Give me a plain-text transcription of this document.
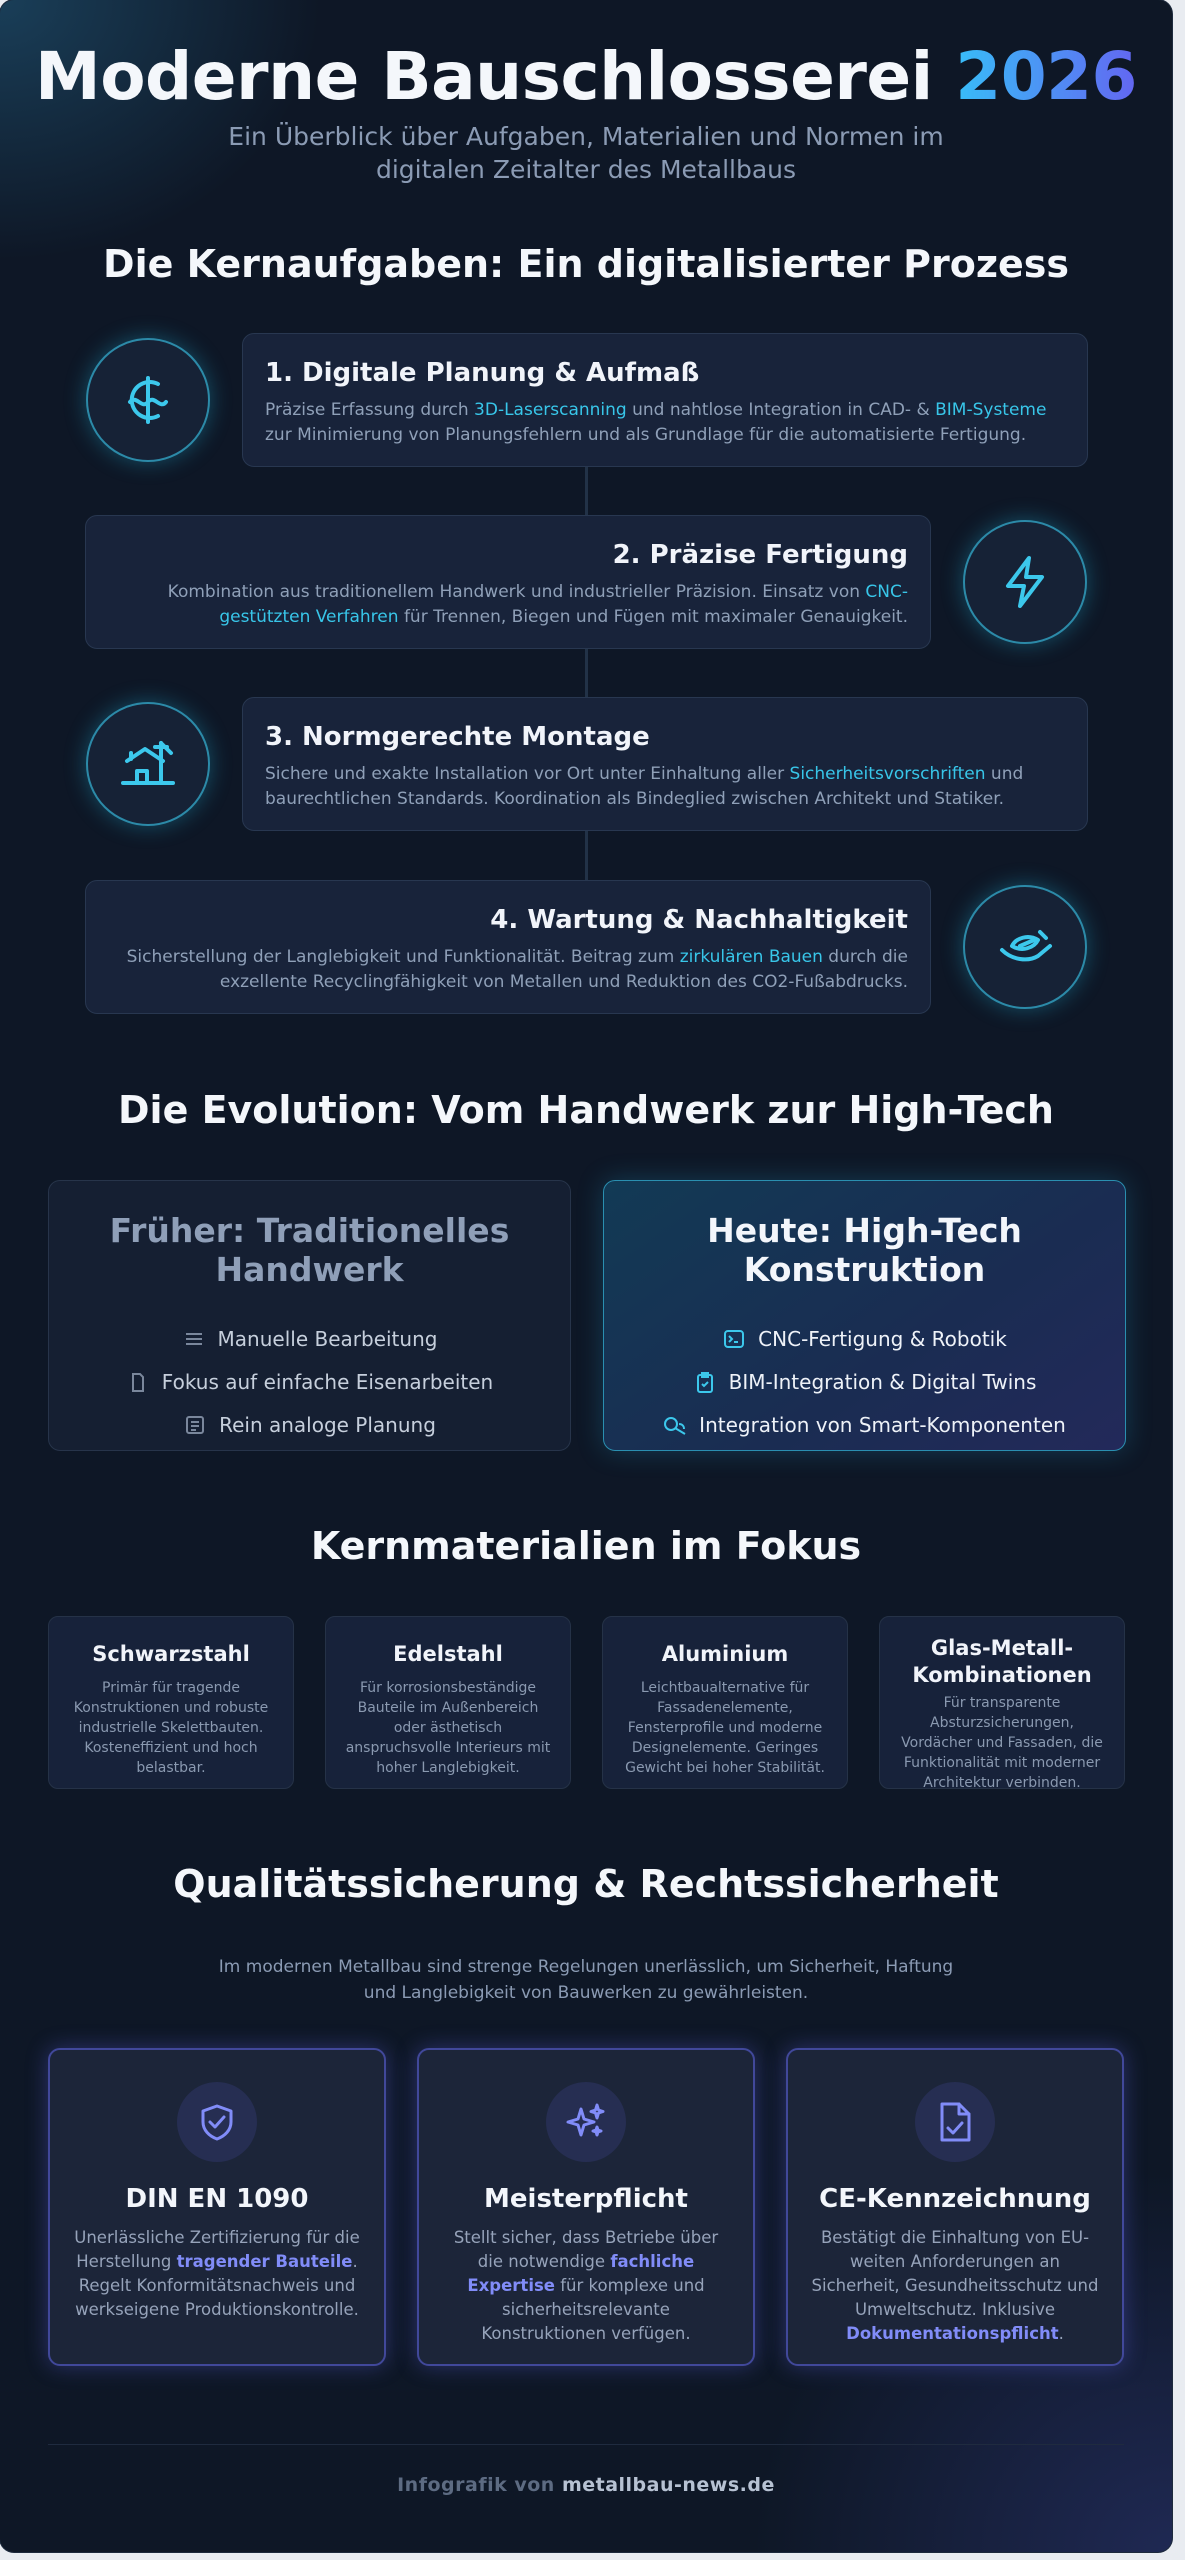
Moderne Bauschlosserei 2026

Ein Überblick über Aufgaben, Materialien und Normen im digitalen Zeitalter des Metallbaus

Die Kernaufgaben: Ein digitalisierter Prozess
1. Digitale Planung & Aufmaß
Präzise Erfassung durch 3D-Laserscanning und nahtlose Integration in CAD- & BIM-Systeme zur Minimierung von Planungsfehlern und als Grundlage für die automatisierte Fertigung.
2. Präzise Fertigung
Kombination aus traditionellem Handwerk und industrieller Präzision. Einsatz von CNC-gestützten Verfahren für Trennen, Biegen und Fügen mit maximaler Genauigkeit.
3. Normgerechte Montage
Sichere und exakte Installation vor Ort unter Einhaltung aller Sicherheitsvorschriften und baurechtlichen Standards. Koordination als Bindeglied zwischen Architekt und Statiker.
4. Wartung & Nachhaltigkeit
Sicherstellung der Langlebigkeit und Funktionalität. Beitrag zum zirkulären Bauen durch die exzellente Recyclingfähigkeit von Metallen und Reduktion des CO2-Fußabdrucks.
Die Evolution: Vom Handwerk zur High-Tech
Früher: Traditionelles Handwerk
Manuelle Bearbeitung
Fokus auf einfache Eisenarbeiten
Rein analoge Planung
Heute: High-Tech Konstruktion
CNC-Fertigung & Robotik
BIM-Integration & Digital Twins
Integration von Smart-Komponenten
Kernmaterialien im Fokus
Schwarzstahl
Primär für tragende Konstruktionen und robuste industrielle Skelettbauten. Kosteneffizient und hoch belastbar.
Edelstahl
Für korrosionsbeständige Bauteile im Außenbereich oder ästhetisch anspruchsvolle Interieurs mit hoher Langlebigkeit.
Aluminium
Leichtbaualternative für Fassadenelemente, Fensterprofile und moderne Designelemente. Geringes Gewicht bei hoher Stabilität.
Glas-Metall-Kombinationen
Für transparente Absturzsicherungen, Vordächer und Fassaden, die Funktionalität mit moderner Architektur verbinden.
Qualitätssicherung & Rechtssicherheit

Im modernen Metallbau sind strenge Regelungen unerlässlich, um Sicherheit, Haftung und Langlebigkeit von Bauwerken zu gewährleisten.

DIN EN 1090
Unerlässliche Zertifizierung für die Herstellung tragender Bauteile. Regelt Konformitätsnachweis und werkseigene Produktionskontrolle.
Meisterpflicht
Stellt sicher, dass Betriebe über die notwendige fachliche Expertise für komplexe und sicherheitsrelevante Konstruktionen verfügen.
CE-Kennzeichnung
Bestätigt die Einhaltung von EU-weiten Anforderungen an Sicherheit, Gesundheitsschutz und Umweltschutz. Inklusive Dokumentationspflicht.
Infografik von metallbau-news.de
